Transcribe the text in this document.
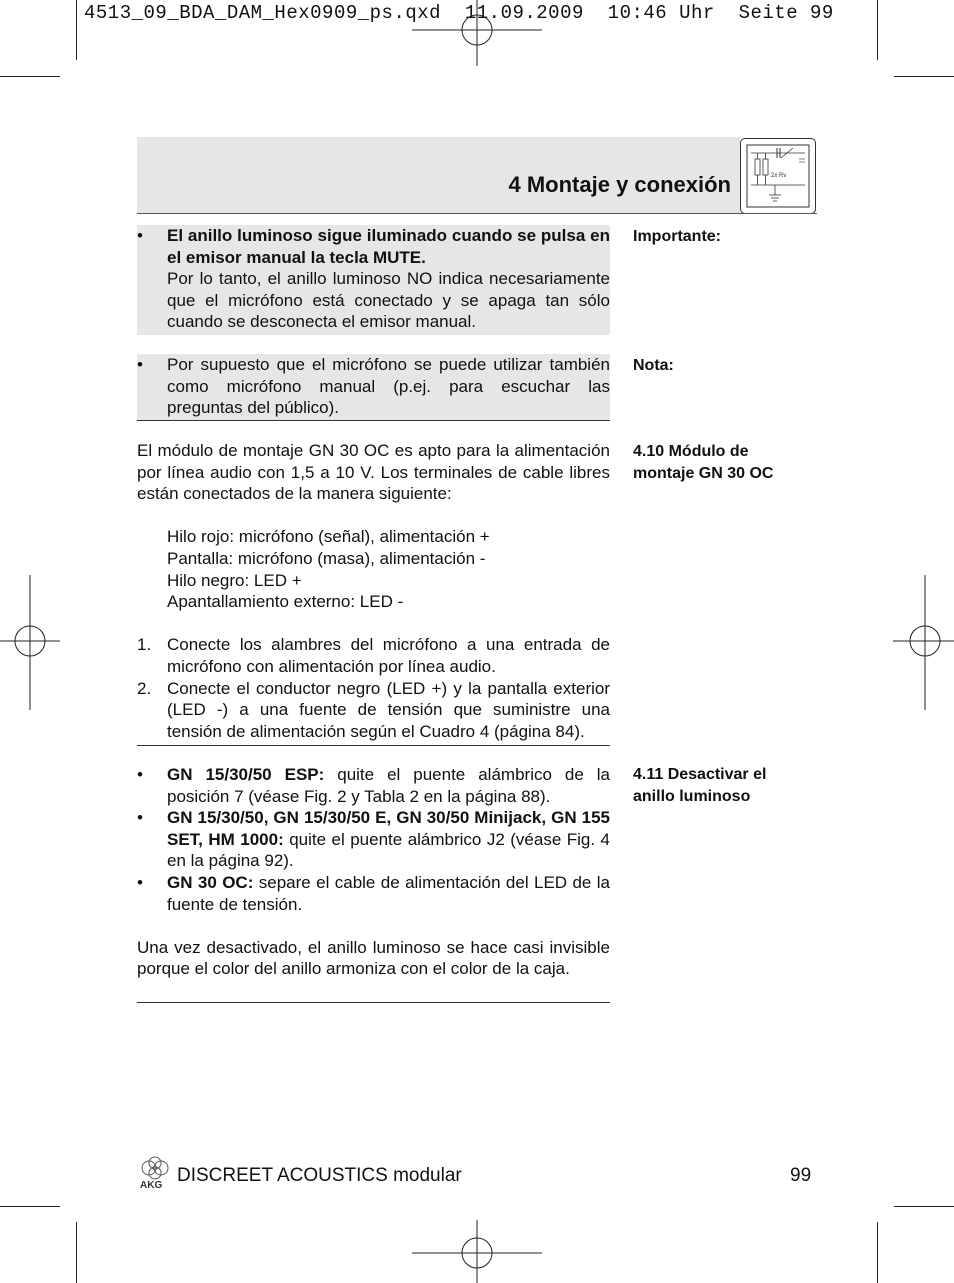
4513_09_BDA_DAM_Hex0909_ps.qxd  11.09.2009  10:46 Uhr  Seite 99
4 Montaje y conexión	2x Rv
Importante:
• El anillo luminoso sigue iluminado cuando se pulsa en el emisor manual la tecla MUTE.

Por lo tanto, el anillo luminoso NO indica necesariamente que el micrófono está conectado y se apaga tan sólo cuando se desconecta el emisor manual.

Nota:
• Por supuesto que el micrófono se puede utilizar también como micrófono manual (p.ej. para escuchar las preguntas del público).

4.10 Módulo de
montaje GN 30 OC

El módulo de montaje GN 30 OC es apto para la alimentación por línea audio con 1,5 a 10 V. Los terminales de cable libres están conectados de la manera siguiente:

Hilo rojo: micrófono (señal), alimentación +

Pantalla: micrófono (masa), alimentación -

Hilo negro: LED +

Apantallamiento externo: LED -

1. Conecte los alambres del micrófono a una entrada de micrófono con alimentación por línea audio.

2. Conecte el conductor negro (LED +) y la pantalla exterior (LED -) a una fuente de tensión que suministre una tensión de alimentación según el Cuadro 4 (página 84).

4.11 Desactivar el
anillo luminoso
•	GN 15/30/50 ESP: quite el puente alámbrico de la posición 7 (véase Fig. 2 y Tabla 2 en la página 88).

•	GN 15/30/50, GN 15/30/50 E, GN 30/50 Minijack, GN 155 SET, HM 1000: quite el puente alámbrico J2 (véase Fig. 4 en la página 92).

•	GN 30 OC: separe el cable de alimentación del LED de la fuente de tensión.

Una vez desactivado, el anillo luminoso se hace casi invisible porque el color del anillo armoniza con el color de la caja.

AKG DISCREET ACOUSTICS modular	99
